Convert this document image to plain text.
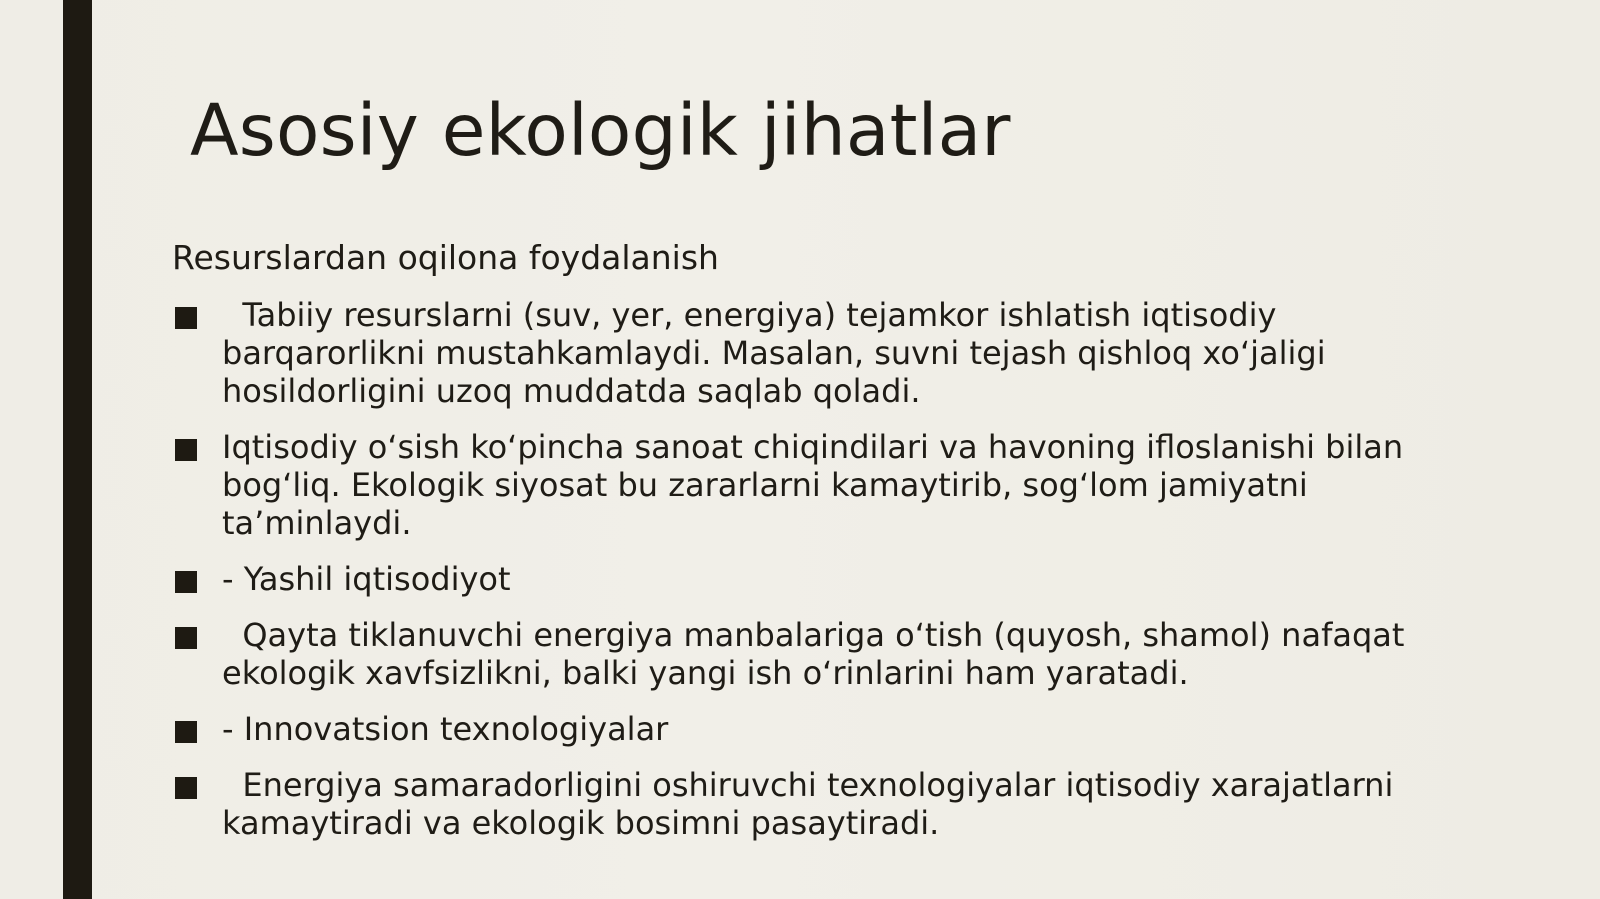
Asosiy ekologik jihatlar
Resurslardan oqilona foydalanish
Tabiiy resurslarni (suv, yer, energiya) tejamkor ishlatish iqtisodiy barqarorlikni mustahkamlaydi. Masalan, suvni tejash qishloq xo‘jaligi hosildorligini uzoq muddatda saqlab qoladi.
Iqtisodiy o‘sish ko‘pincha sanoat chiqindilari va havoning ifloslanishi bilan bog‘liq. Ekologik siyosat bu zararlarni kamaytirib, sog‘lom jamiyatni ta’minlaydi.
- Yashil iqtisodiyot
Qayta tiklanuvchi energiya manbalariga o‘tish (quyosh, shamol) nafaqat ekologik xavfsizlikni, balki yangi ish o‘rinlarini ham yaratadi.
- Innovatsion texnologiyalar
Energiya samaradorligini oshiruvchi texnologiyalar iqtisodiy xarajatlarni kamaytiradi va ekologik bosimni pasaytiradi.
